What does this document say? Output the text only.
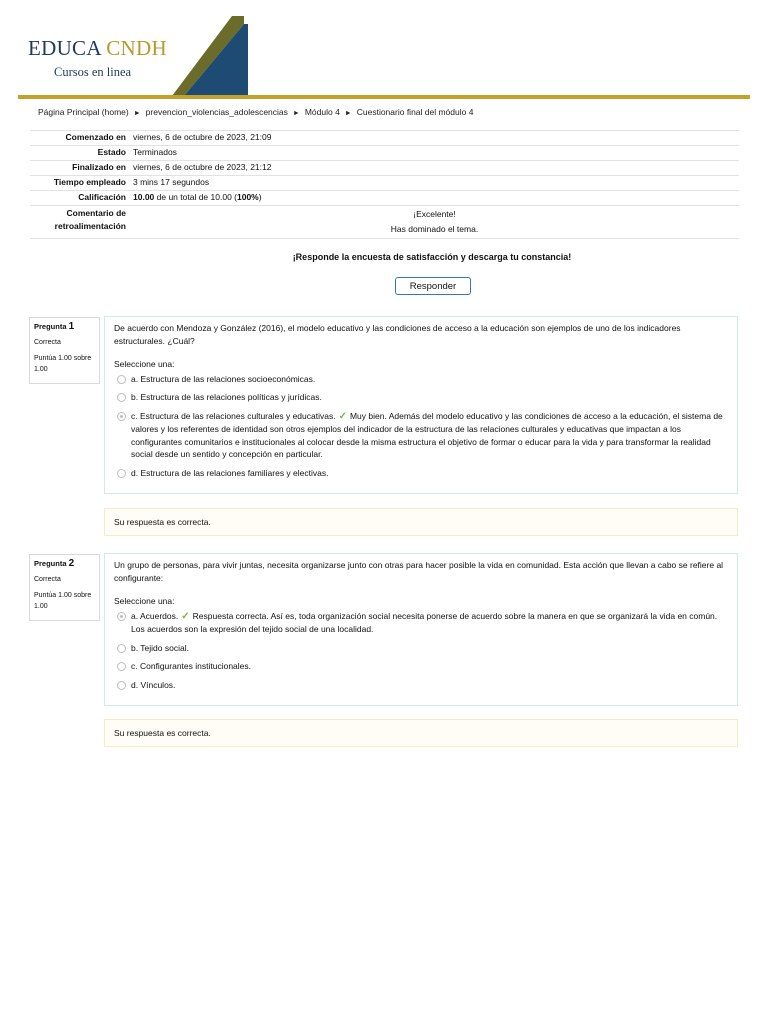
EDUCA CNDH
Cursos en linea
Página Principal (home) ► prevencion_violencias_adolescencias ► Módulo 4 ► Cuestionario final del módulo 4
Comenzado en	viernes, 6 de octubre de 2023, 21:09
Estado	Terminados
Finalizado en	viernes, 6 de octubre de 2023, 21:12
Tiempo empleado	3 mins 17 segundos
Calificación	10.00 de un total de 10.00 (100%)
Comentario de
retroalimentación	¡Excelente!
Has dominado el tema.
¡Responde la encuesta de satisfacción y descarga tu constancia!
Responder
Pregunta 1
Correcta
Puntúa 1.00 sobre 1.00
De acuerdo con Mendoza y González (2016), el modelo educativo y las condiciones de acceso a la educación son ejemplos de uno de los indicadores estructurales. ¿Cuál?
Seleccione una:
a. Estructura de las relaciones socioeconómicas.
b. Estructura de las relaciones políticas y jurídicas.
c. Estructura de las relaciones culturales y educativas. ✓ Muy bien. Además del modelo educativo y las condiciones de acceso a la educación, el sistema de valores y los referentes de identidad son otros ejemplos del indicador de la estructura de las relaciones culturales y educativas que impactan a los configurantes comunitarios e institucionales al colocar desde la misma estructura el objetivo de formar o educar para la vida y para transformar la realidad social desde un sentido y concepción en particular.
d. Estructura de las relaciones familiares y electivas.
Su respuesta es correcta.
Pregunta 2
Correcta
Puntúa 1.00 sobre 1.00
Un grupo de personas, para vivir juntas, necesita organizarse junto con otras para hacer posible la vida en comunidad. Esta acción que llevan a cabo se refiere al configurante:
Seleccione una:
a. Acuerdos. ✓ Respuesta correcta. Así es, toda organización social necesita ponerse de acuerdo sobre la manera en que se organizará la vida en común. Los acuerdos son la expresión del tejido social de una localidad.
b. Tejido social.
c. Configurantes institucionales.
d. Vínculos.
Su respuesta es correcta.
